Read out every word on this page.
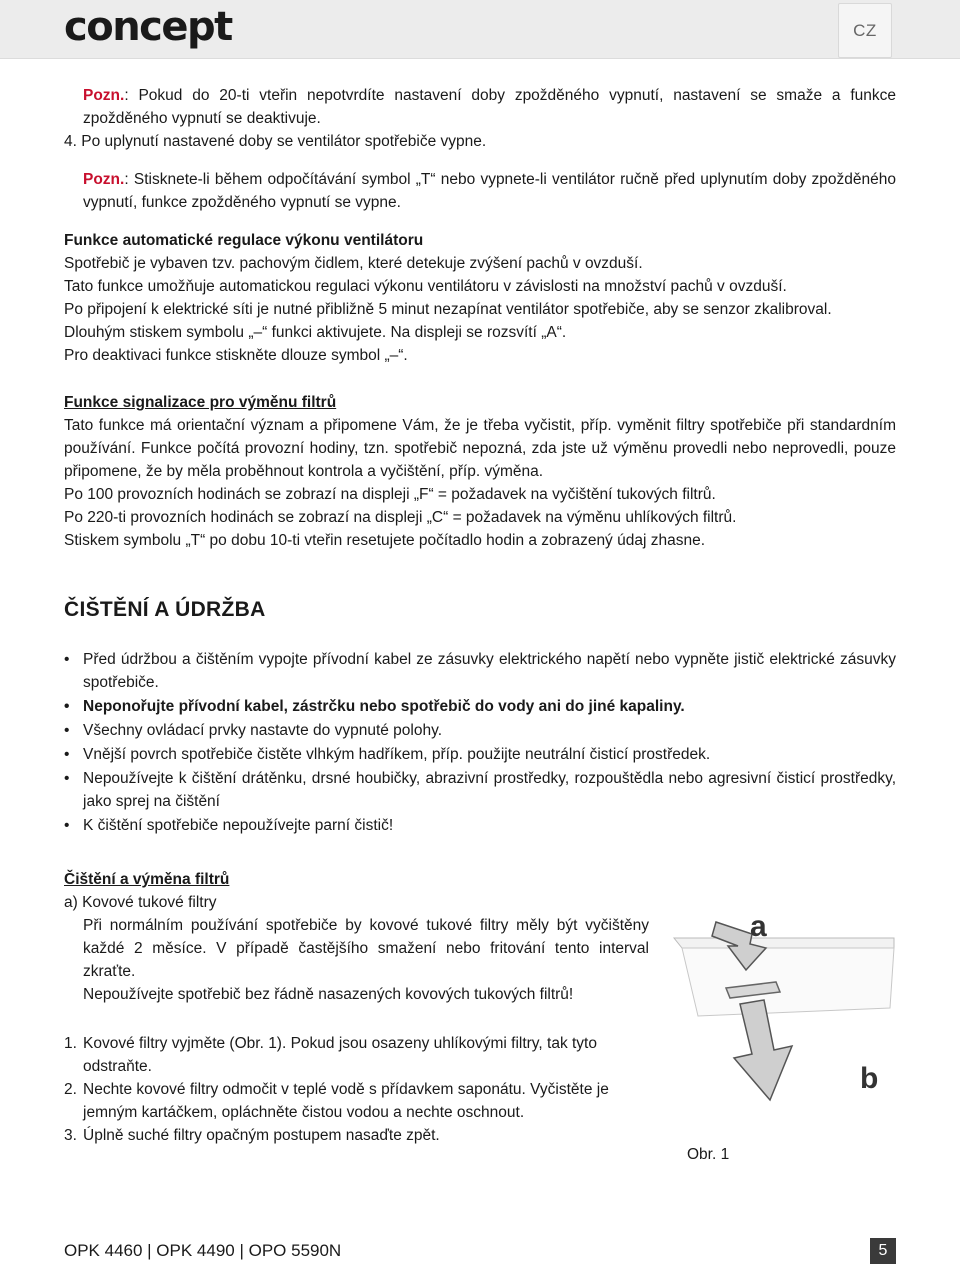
concept	CZ

Pozn.: Pokud do 20-ti vteřin nepotvrdíte nastavení doby zpožděného vypnutí, nastavení se smaže a funkce zpožděného vypnutí se deaktivuje.

4. Po uplynutí nastavené doby se ventilátor spotřebiče vypne.

Pozn.: Stisknete-li během odpočítávání symbol „T“ nebo vypnete-li ventilátor ručně před uplynutím doby zpožděného vypnutí, funkce zpožděného vypnutí se vypne.

Funkce automatické regulace výkonu ventilátoru

Spotřebič je vybaven tzv. pachovým čidlem, které detekuje zvýšení pachů v ovzduší.

Tato funkce umožňuje automatickou regulaci výkonu ventilátoru v závislosti na množství pachů v ovzduší.

Po připojení k elektrické síti je nutné přibližně 5 minut nezapínat ventilátor spotřebiče, aby se senzor zkalibroval.

Dlouhým stiskem symbolu „–“ funkci aktivujete. Na displeji se rozsvítí „A“.

Pro deaktivaci funkce stiskněte dlouze symbol „–“.

Funkce signalizace pro výměnu filtrů

Tato funkce má orientační význam a připomene Vám, že je třeba vyčistit, příp. vyměnit filtry spotřebiče při standardním používání. Funkce počítá provozní hodiny, tzn. spotřebič nepozná, zda jste už výměnu provedli nebo neprovedli, pouze připomene, že by měla proběhnout kontrola a vyčištění, příp. výměna.

Po 100 provozních hodinách se zobrazí na displeji „F“ = požadavek na vyčištění tukových filtrů.

Po 220-ti provozních hodinách se zobrazí na displeji „C“ = požadavek na výměnu uhlíkových filtrů.

Stiskem symbolu „T“ po dobu 10-ti vteřin resetujete počítadlo hodin a zobrazený údaj zhasne.

ČIŠTĚNÍ A ÚDRŽBA

• Před údržbou a čištěním vypojte přívodní kabel ze zásuvky elektrického napětí nebo vypněte jistič elektrické zásuvky spotřebiče.
• Neponořujte přívodní kabel, zástrčku nebo spotřebič do vody ani do jiné kapaliny.
• Všechny ovládací prvky nastavte do vypnuté polohy.
• Vnější povrch spotřebiče čistěte vlhkým hadříkem, příp. použijte neutrální čisticí prostředek.
• Nepoužívejte k čištění drátěnku, drsné houbičky, abrazivní prostředky, rozpouštědla nebo agresivní čisticí prostředky, jako sprej na čištění
• K čištění spotřebiče nepoužívejte parní čistič!

Čištění a výměna filtrů

a) Kovové tukové filtry

Při normálním používání spotřebiče by kovové tukové filtry měly být vyčištěny každé 2 měsíce. V případě častějšího smažení nebo fritování tento interval zkraťte.

Nepoužívejte spotřebič bez řádně nasazených kovových tukových filtrů!

1. Kovové filtry vyjměte (Obr. 1). Pokud jsou osazeny uhlíkovými filtry, tak tyto odstraňte.
2. Nechte kovové filtry odmočit v teplé vodě s přídavkem saponátu. Vyčistěte je jemným kartáčkem, opláchněte čistou vodou a nechte oschnout.
3. Úplně suché filtry opačným postupem nasaďte zpět.
a
b
Obr. 1
OPK 4460 | OPK 4490 | OPO 5590N	5
